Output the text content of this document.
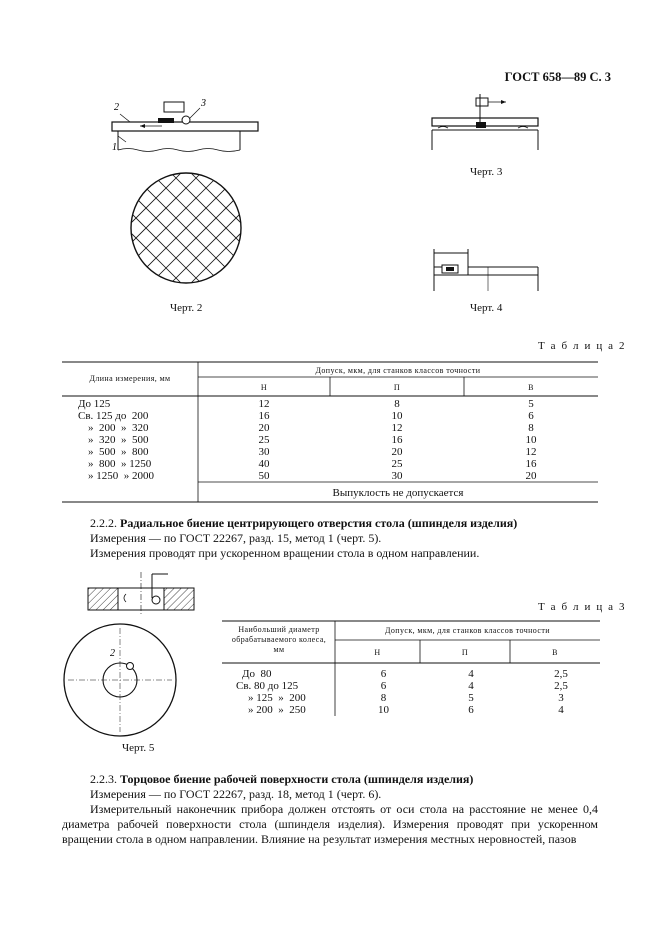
ГОСТ 658—89 С. 3
2	3
1
Черт. 2
Черт. 3
Черт. 4
Т а б л и ц а 2
Длина измерения, мм
Допуск, мкм, для станков классов точности
Н	П	В
До 125	12	8	5
Св. 125 до  200	16	10	6
»  200  »  320	20	12	8
»  320  »  500	25	16	10
»  500  »  800	30	20	12
»  800  » 1250	40	25	16
» 1250  » 2000	50	30	20
Выпуклость не допускается
2.2.2. Радиальное биение центрирующего отверстия стола (шпинделя изделия)
Измерения — по ГОСТ 22267, разд. 15, метод 1 (черт. 5).
Измерения проводят при ускоренном вращении стола в одном направлении.
2
Черт. 5
Т а б л и ц а 3
Наибольший диаметр обрабатываемого колеса, мм
Допуск, мкм, для станков классов точности
Н	П	В
До  80	6	4	2,5
Св. 80 до 125	6	4	2,5
» 125  »  200	8	5	3
» 200  »  250	10	6	4
2.2.3. Торцовое биение рабочей поверхности стола (шпинделя изделия)
Измерения — по ГОСТ 22267, разд. 18, метод 1 (черт. 6).
Измерительный наконечник прибора должен отстоять от оси стола на расстояние не менее 0,4 диаметра рабочей поверхности стола (шпинделя изделия). Измерения проводят при ускоренном вращении стола в одном направлении. Влияние на результат измерения местных неровностей, пазов
